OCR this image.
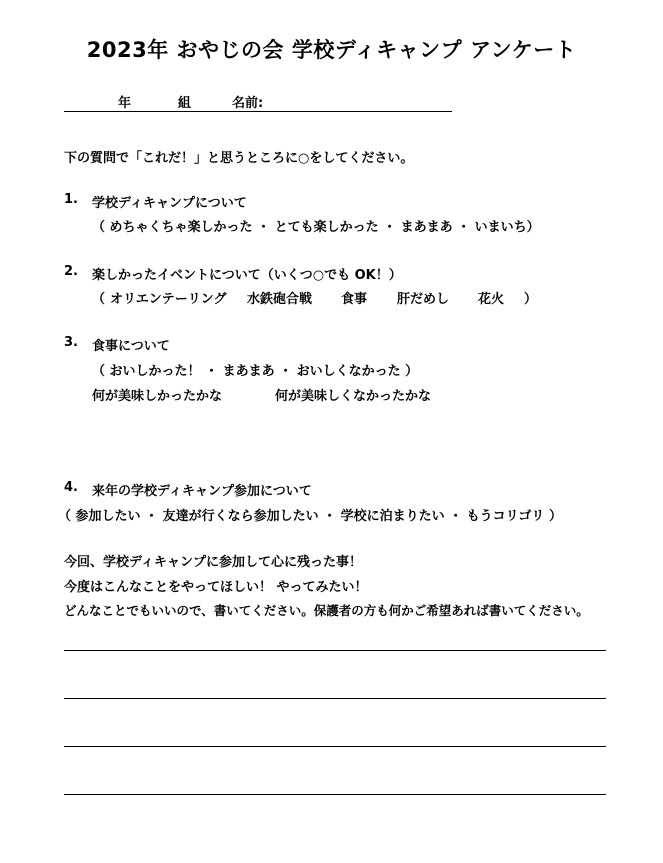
2023年 おやじの会 学校ディキャンプ アンケート
年	組	名前:
下の質問で「これだ！」と思うところに○をしてください。
1. 学校ディキャンプについて
（ めちゃくちゃ楽しかった ・ とても楽しかった ・ まあまあ ・ いまいち）
2. 楽しかったイベントについて（いくつ○でも OK！）
（ オリエンテーリング 水鉄砲合戦 食事 肝だめし 花火 ）
3. 食事について
（ おいしかった！ ・ まあまあ ・ おいしくなかった ）
何が美味しかったかな	何が美味しくなかったかな
4. 来年の学校ディキャンプ参加について
（ 参加したい ・ 友達が行くなら参加したい ・ 学校に泊まりたい ・ もうコリゴリ ）
今回、学校ディキャンプに参加して心に残った事！
今度はこんなことをやってほしい！ やってみたい！
どんなことでもいいので、書いてください。保護者の方も何かご希望あれば書いてください。
